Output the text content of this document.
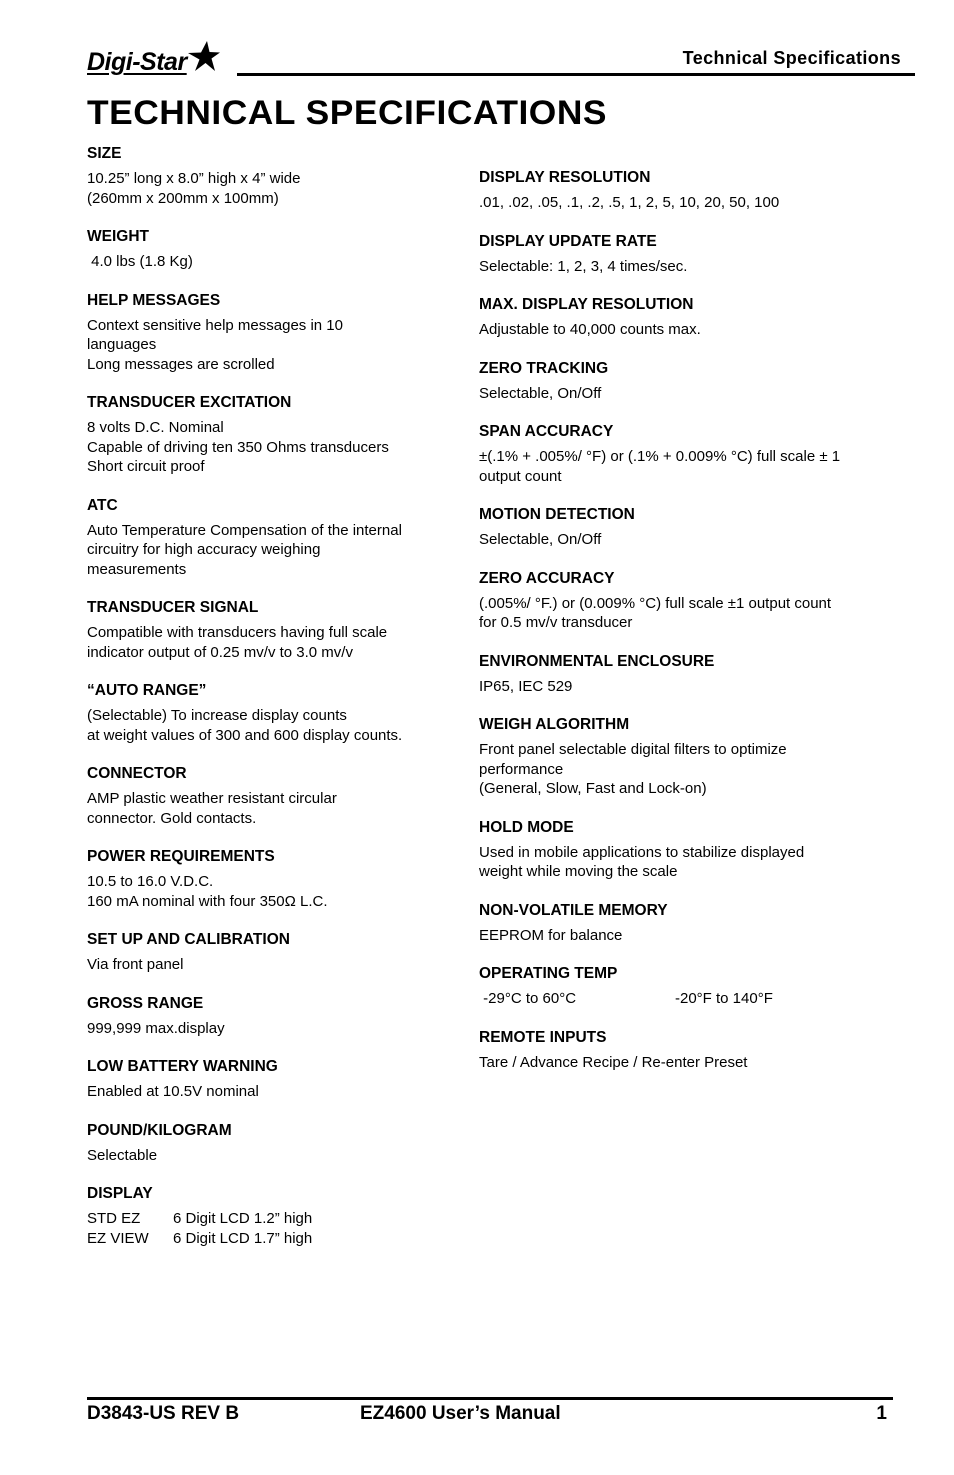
Digi-Star	Technical Specifications
TECHNICAL SPECIFICATIONS
SIZE
10.25” long x 8.0” high x 4” wide
(260mm x 200mm x 100mm)
WEIGHT
4.0 lbs (1.8 Kg)
HELP MESSAGES
Context sensitive help messages in 10
languages
Long messages are scrolled
TRANSDUCER EXCITATION
8 volts D.C. Nominal
Capable of driving ten 350 Ohms transducers
Short circuit proof
ATC
Auto Temperature Compensation of the internal
circuitry for high accuracy weighing
measurements
TRANSDUCER SIGNAL
Compatible with transducers having full scale
indicator output of 0.25 mv/v to 3.0 mv/v
“AUTO RANGE”
(Selectable) To increase display counts
at weight values of 300 and 600 display counts.
CONNECTOR
AMP plastic weather resistant circular
connector. Gold contacts.
POWER REQUIREMENTS
10.5 to 16.0 V.D.C.
160 mA nominal with four 350Ω L.C.
SET UP AND CALIBRATION
Via front panel
GROSS RANGE
999,999 max.display
LOW BATTERY WARNING
Enabled at 10.5V nominal
POUND/KILOGRAM
Selectable
DISPLAY
STD EZ	6 Digit LCD 1.2” high
EZ VIEW	6 Digit LCD 1.7” high
DISPLAY RESOLUTION
.01, .02, .05, .1, .2, .5, 1, 2, 5, 10, 20, 50, 100
DISPLAY UPDATE RATE
Selectable: 1, 2, 3, 4 times/sec.
MAX. DISPLAY RESOLUTION
Adjustable to 40,000 counts max.
ZERO TRACKING
Selectable, On/Off
SPAN ACCURACY
±(.1% + .005%/ °F) or (.1% + 0.009% °C) full scale ± 1
output count
MOTION DETECTION
Selectable, On/Off
ZERO ACCURACY
(.005%/ °F.) or (0.009% °C) full scale ±1 output count
for 0.5 mv/v transducer
ENVIRONMENTAL ENCLOSURE
IP65, IEC 529
WEIGH ALGORITHM
Front panel selectable digital filters to optimize
performance
(General, Slow, Fast and Lock-on)
HOLD MODE
Used in mobile applications to stabilize displayed
weight while moving the scale
NON-VOLATILE MEMORY
EEPROM for balance
OPERATING TEMP
-29°C to 60°C	-20°F to 140°F
REMOTE INPUTS
Tare / Advance Recipe / Re-enter Preset
D3843-US REV B	EZ4600 User’s Manual	1
